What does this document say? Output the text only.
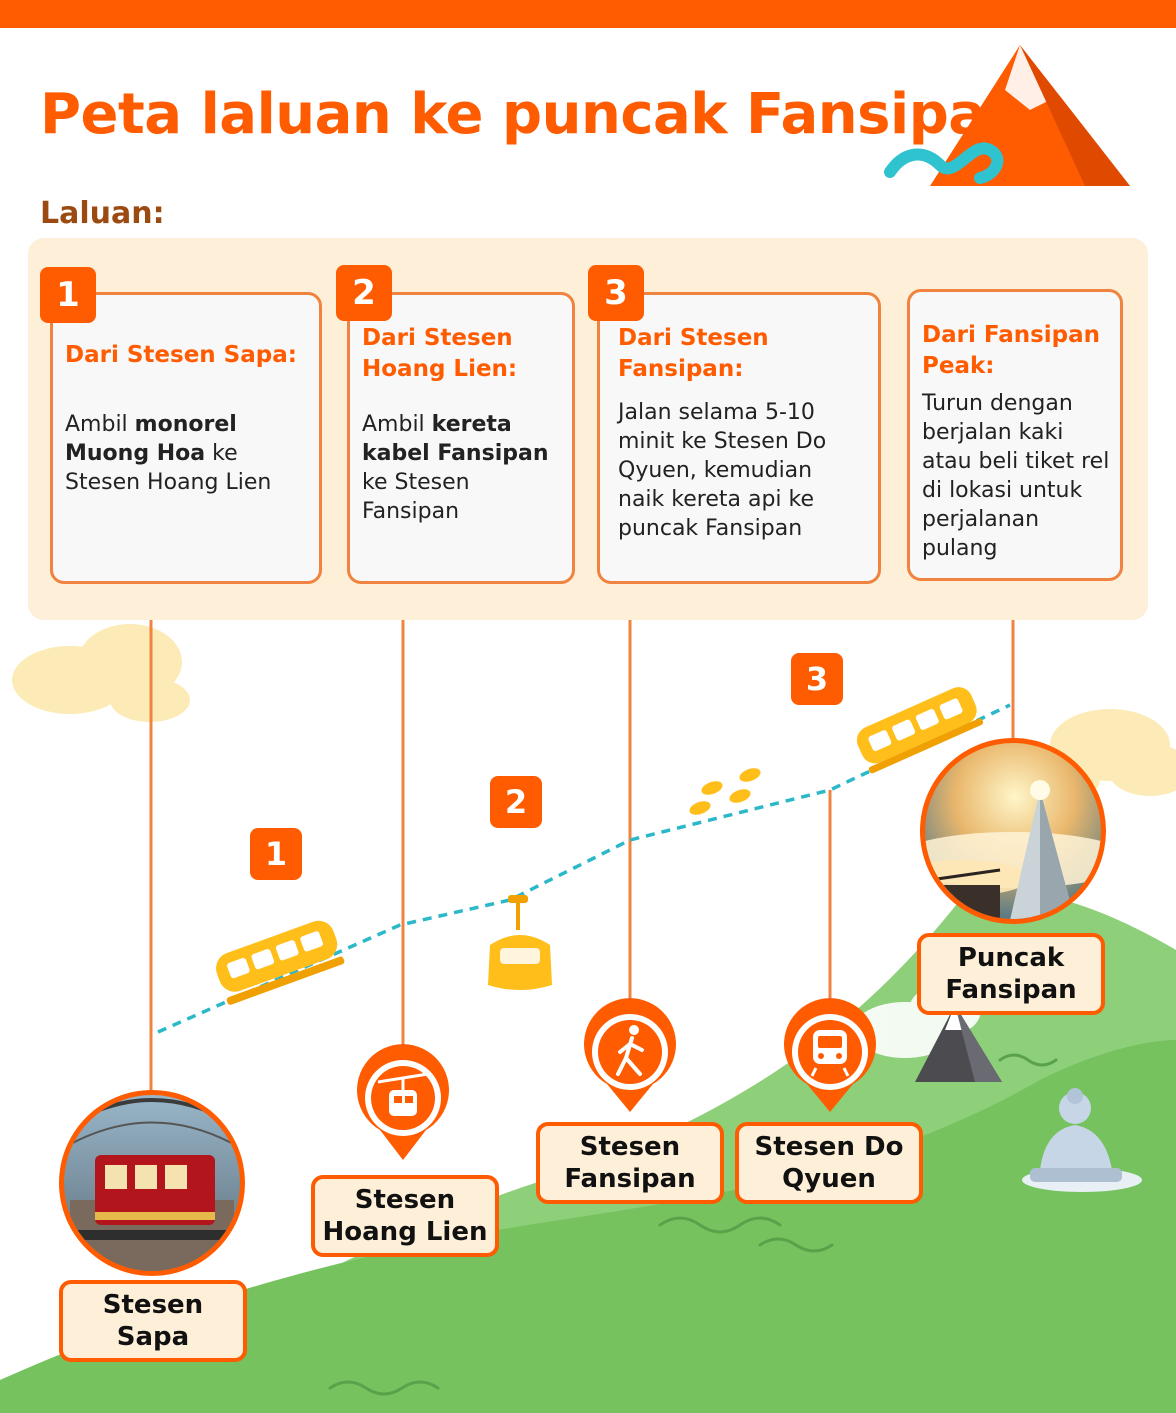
Peta laluan ke puncak Fansipan
Laluan:
Dari Stesen Sapa:
Ambil monorel Muong Hoa ke Stesen Hoang Lien
1
Dari Stesen Hoang Lien:
Ambil kereta kabel Fansipan ke Stesen Fansipan
2
Dari Stesen Fansipan:
Jalan selama 5-10 minit ke Stesen Do Qyuen, kemudian naik kereta api ke puncak Fansipan
3
Dari Fansipan Peak:
Turun dengan berjalan kaki atau beli tiket rel di lokasi untuk perjalanan pulang
1
2
3
Stesen
Sapa
Stesen
Hoang Lien
Stesen
Fansipan
Stesen Do
Qyuen
Puncak
Fansipan
